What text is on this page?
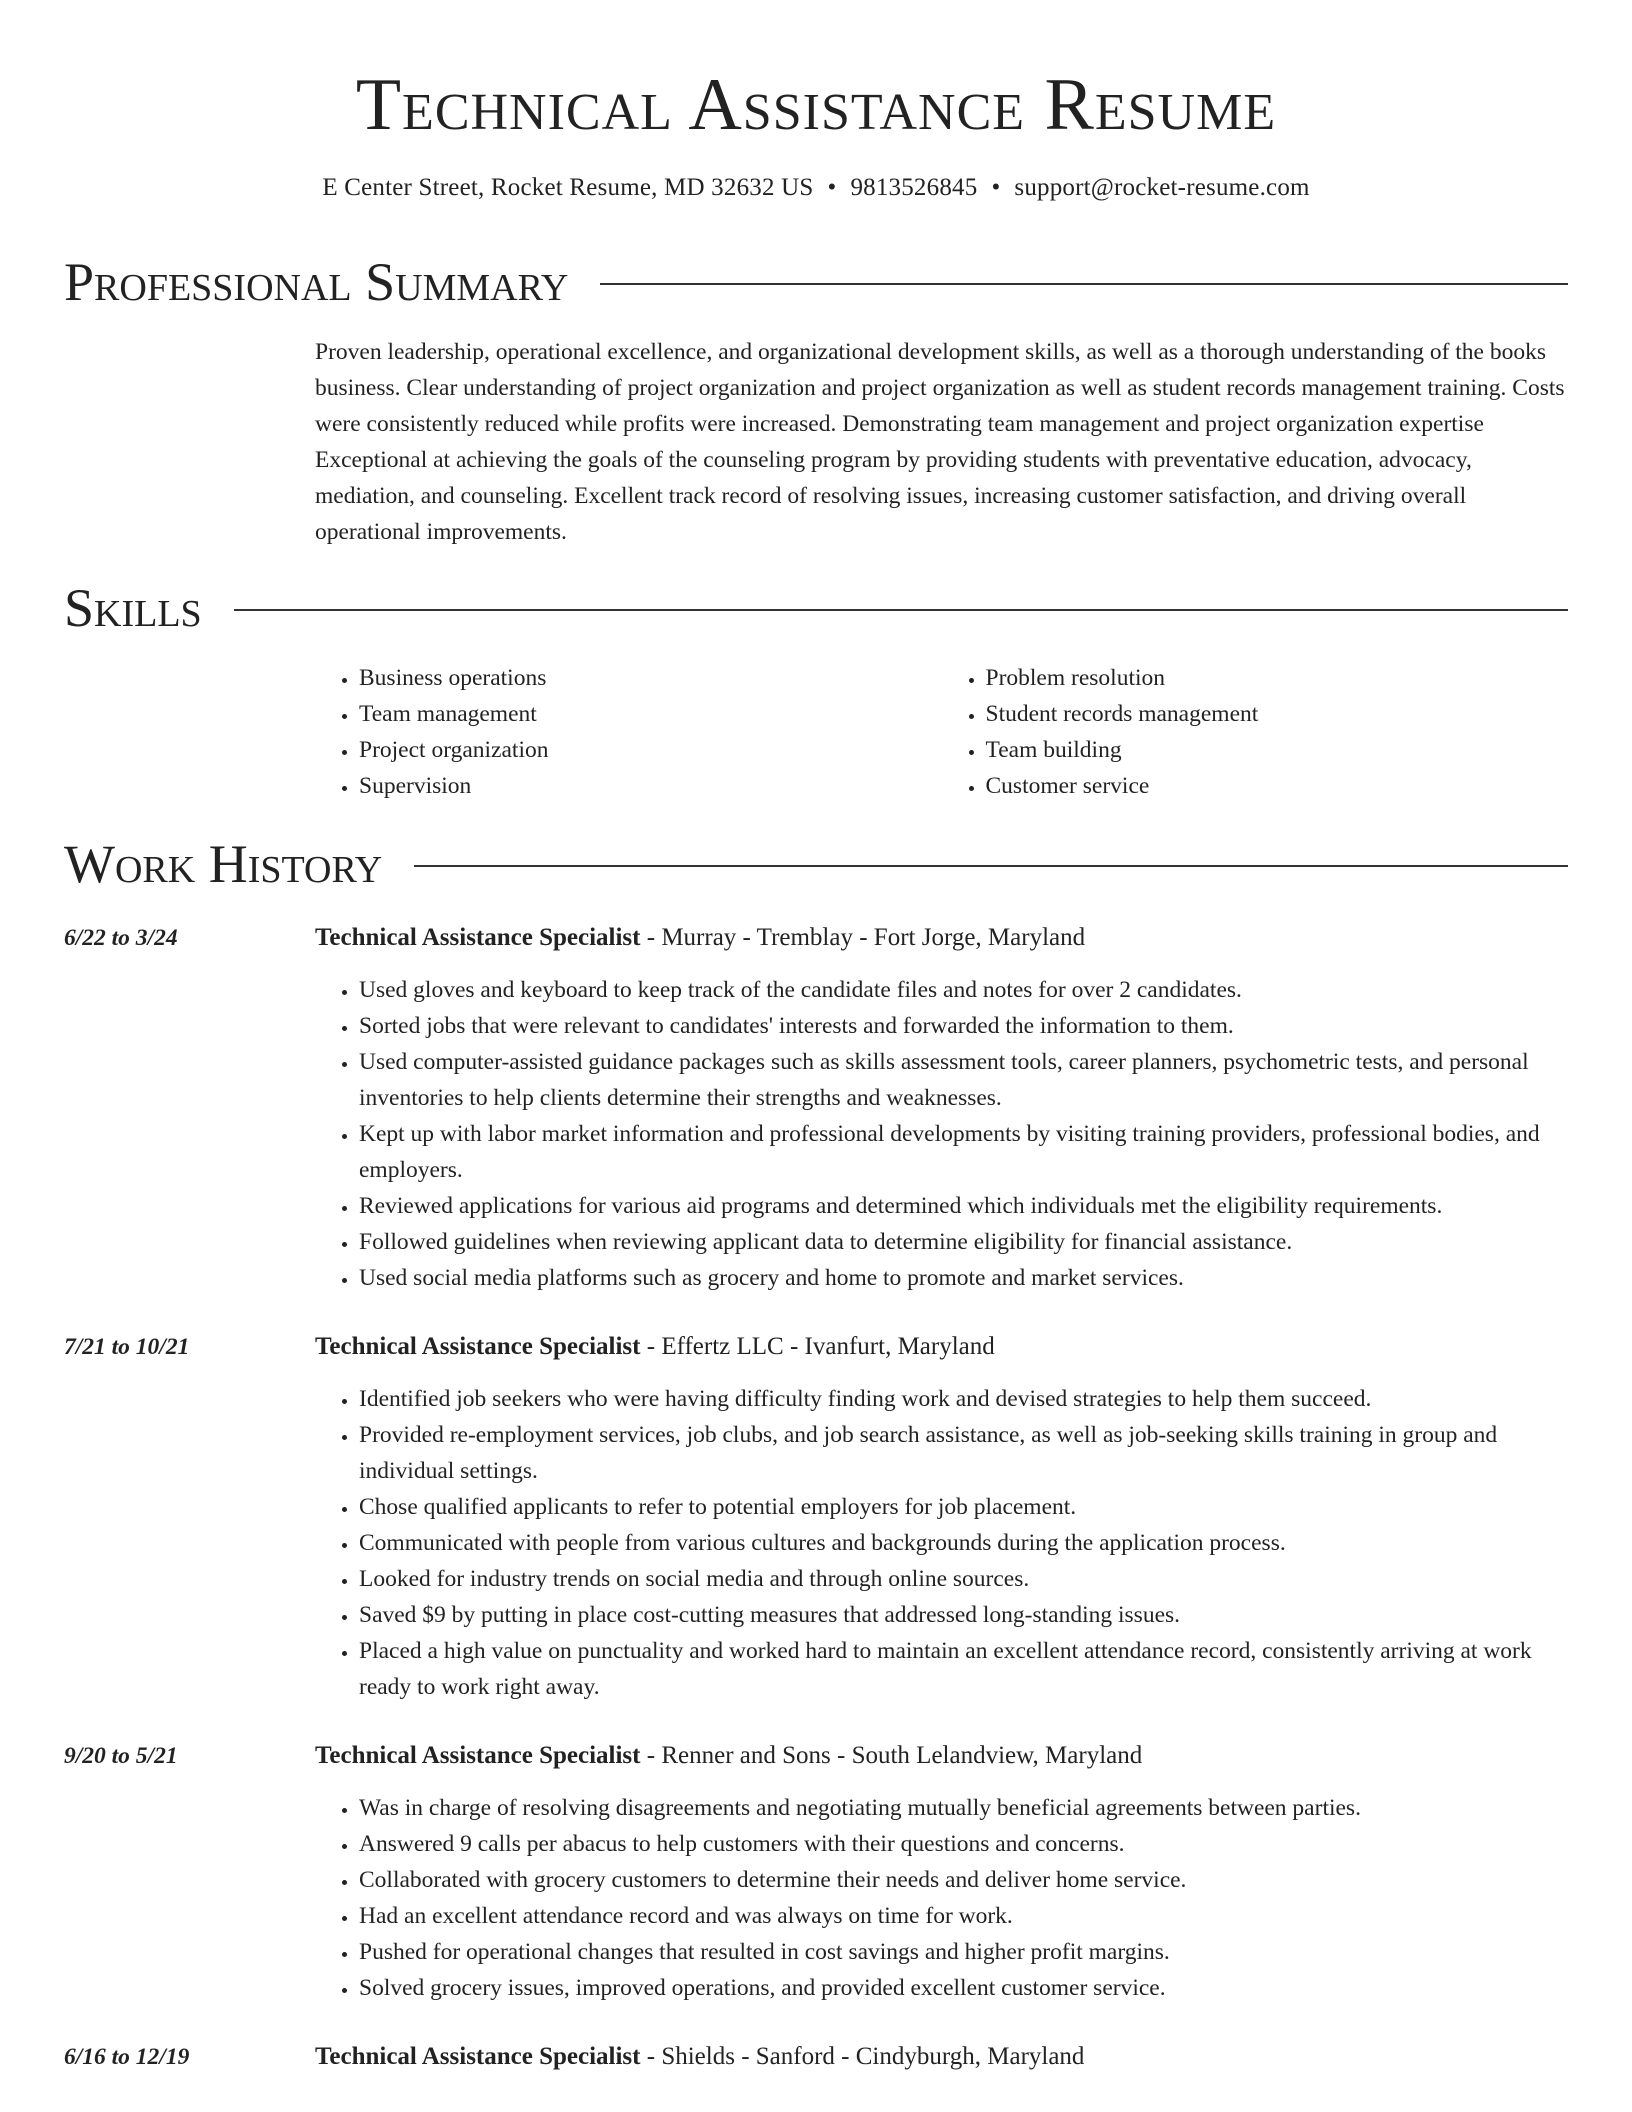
Technical Assistance Resume
E Center Street, Rocket Resume, MD 32632 US • 9813526845 • support@rocket-resume.com
Professional Summary

Proven leadership, operational excellence, and organizational development skills, as well as a thorough understanding of the books business. Clear understanding of project organization and project organization as well as student records management training. Costs were consistently reduced while profits were increased. Demonstrating team management and project organization expertise Exceptional at achieving the goals of the counseling program by providing students with preventative education, advocacy, mediation, and counseling. Excellent track record of resolving issues, increasing customer satisfaction, and driving overall operational improvements.

Skills
• Business operations
• Team management
• Project organization
• Supervision
• Problem resolution
• Student records management
• Team building
• Customer service
Work History
6/22 to 3/24	Technical Assistance Specialist - Murray - Tremblay - Fort Jorge, Maryland
• Used gloves and keyboard to keep track of the candidate files and notes for over 2 candidates.
• Sorted jobs that were relevant to candidates' interests and forwarded the information to them.
• Used computer-assisted guidance packages such as skills assessment tools, career planners, psychometric tests, and personal inventories to help clients determine their strengths and weaknesses.
• Kept up with labor market information and professional developments by visiting training providers, professional bodies, and employers.
• Reviewed applications for various aid programs and determined which individuals met the eligibility requirements.
• Followed guidelines when reviewing applicant data to determine eligibility for financial assistance.
• Used social media platforms such as grocery and home to promote and market services.
7/21 to 10/21	Technical Assistance Specialist - Effertz LLC - Ivanfurt, Maryland
• Identified job seekers who were having difficulty finding work and devised strategies to help them succeed.
• Provided re-employment services, job clubs, and job search assistance, as well as job-seeking skills training in group and individual settings.
• Chose qualified applicants to refer to potential employers for job placement.
• Communicated with people from various cultures and backgrounds during the application process.
• Looked for industry trends on social media and through online sources.
• Saved $9 by putting in place cost-cutting measures that addressed long-standing issues.
• Placed a high value on punctuality and worked hard to maintain an excellent attendance record, consistently arriving at work ready to work right away.
9/20 to 5/21	Technical Assistance Specialist - Renner and Sons - South Lelandview, Maryland
• Was in charge of resolving disagreements and negotiating mutually beneficial agreements between parties.
• Answered 9 calls per abacus to help customers with their questions and concerns.
• Collaborated with grocery customers to determine their needs and deliver home service.
• Had an excellent attendance record and was always on time for work.
• Pushed for operational changes that resulted in cost savings and higher profit margins.
• Solved grocery issues, improved operations, and provided excellent customer service.
6/16 to 12/19	Technical Assistance Specialist - Shields - Sanford - Cindyburgh, Maryland
